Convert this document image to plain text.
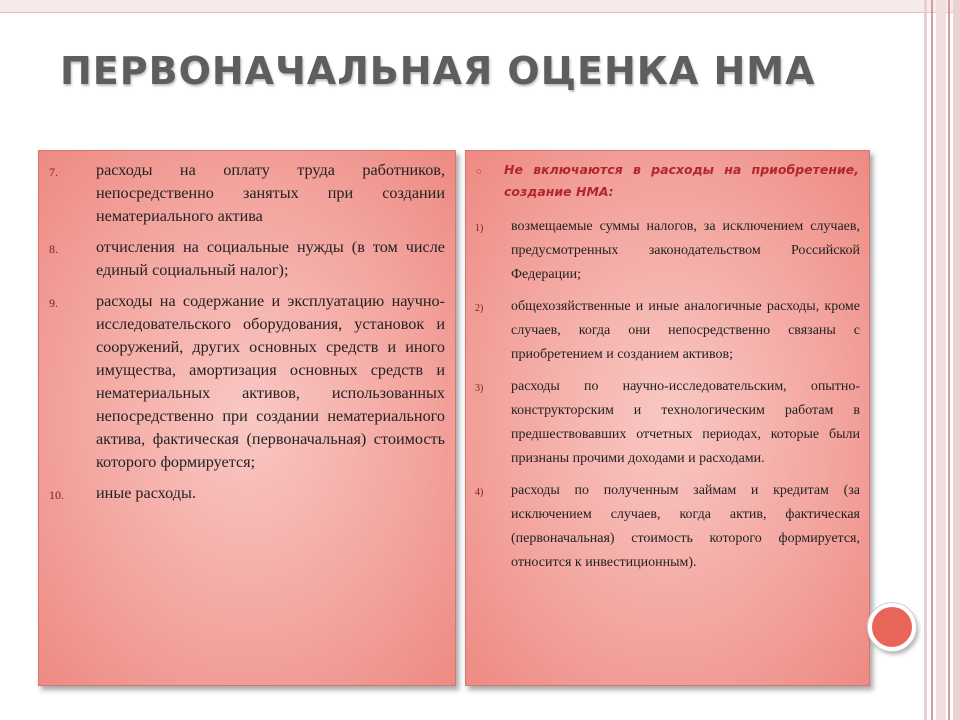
ПЕРВОНАЧАЛЬНАЯ ОЦЕНКА НМА
7. расходы на оплату труда работников, непосредственно занятых при создании нематериального актива
8. отчисления на социальные нужды (в том числе единый социальный налог);
9. расходы на содержание и эксплуатацию научно-исследовательского оборудования, установок и сооружений, других основных средств и иного имущества, амортизация основных средств и нематериальных активов, использованных непосредственно при создании нематериального актива, фактическая (первоначальная) стоимость которого формируется;
10. иные расходы.

◦ Не включаются в расходы на приобретение, создание НМА:

1) возмещаемые суммы налогов, за исключением случаев, предусмотренных законодательством Российской Федерации;
2) общехозяйственные и иные аналогичные расходы, кроме случаев, когда они непосредственно связаны с приобретением и созданием активов;
3) расходы по научно-исследовательским, опытно-конструкторским и технологическим работам в предшествовавших отчетных периодах, которые были признаны прочими доходами и расходами.
4) расходы по полученным займам и кредитам (за исключением случаев, когда актив, фактическая (первоначальная) стоимость которого формируется, относится к инвестиционным).
